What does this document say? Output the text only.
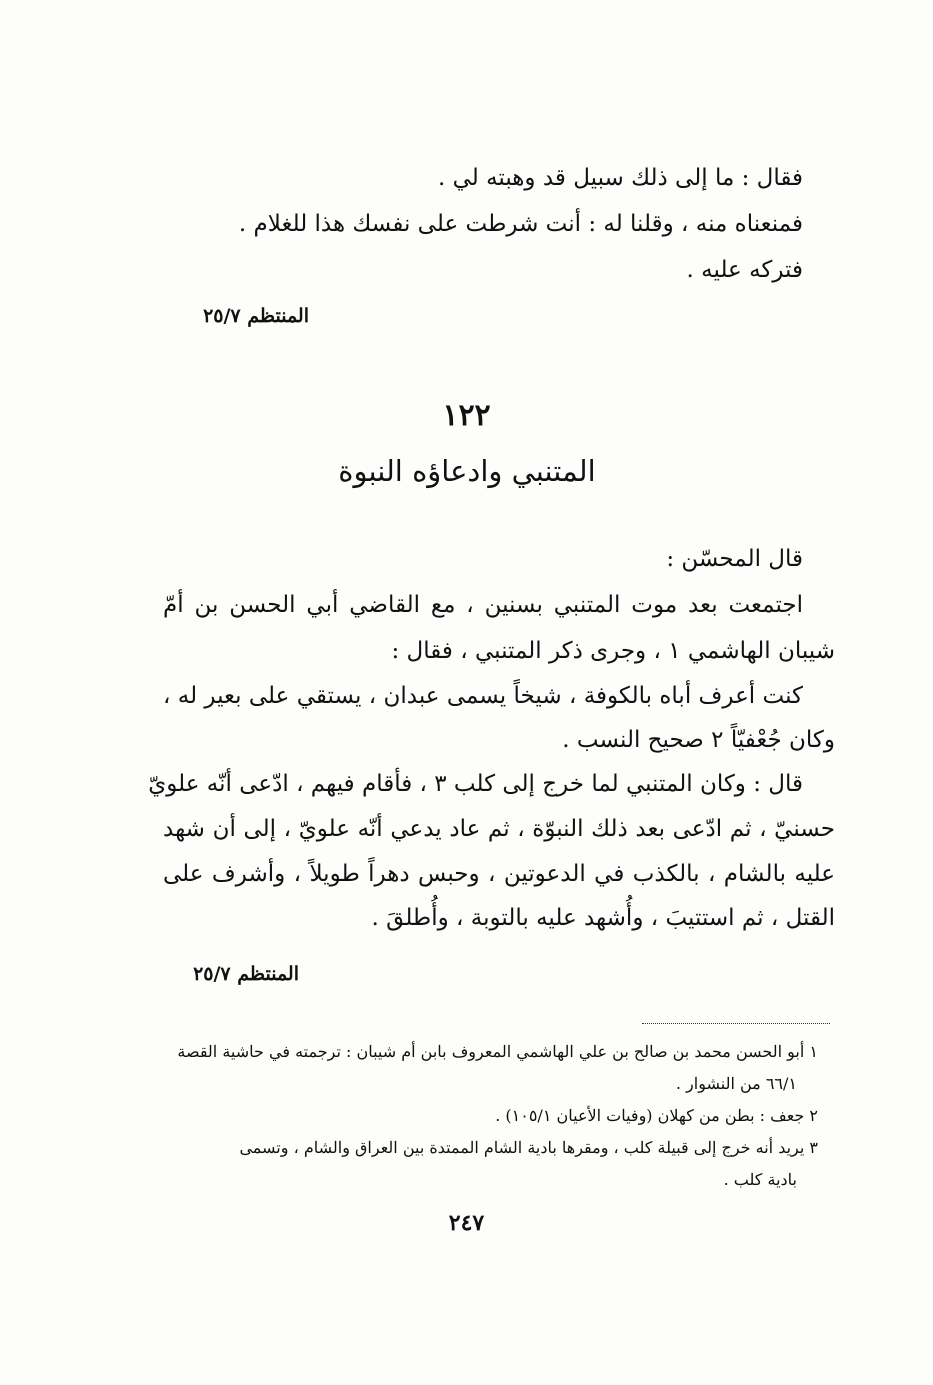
فقال : ما إلى ذلك سبيل قد وهبته لي .
فمنعناه منه ، وقلنا له : أنت شرطت على نفسك هذا للغلام .
فتركه عليه .
المنتظم ٢٥/٧
١٢٢
المتنبي وادعاؤه النبوة
قال المحسّن :
اجتمعت بعد موت المتنبي بسنين ، مع القاضي أبي الحسن بن أمّ
شيبان الهاشمي ١ ، وجرى ذكر المتنبي ، فقال :
كنت أعرف أباه بالكوفة ، شيخاً يسمى عبدان ، يستقي على بعير له ،
وكان جُعْفيّاً ٢ صحيح النسب .
قال : وكان المتنبي لما خرج إلى كلب ٣ ، فأقام فيهم ، ادّعى أنّه علويّ
حسنيّ ، ثم ادّعى بعد ذلك النبوّة ، ثم عاد يدعي أنّه علويّ ، إلى أن شهد
عليه بالشام ، بالكذب في الدعوتين ، وحبس دهراً طويلاً ، وأشرف على
القتل ، ثم استتيبَ ، وأُشهد عليه بالتوبة ، وأُطلقَ .
المنتظم ٢٥/٧
١ أبو الحسن محمد بن صالح بن علي الهاشمي المعروف بابن أم شيبان : ترجمته في حاشية القصة
٦٦/١ من النشوار .
٢ جعف : بطن من كهلان (وفيات الأعيان ١٠٥/١) .
٣ يريد أنه خرج إلى قبيلة كلب ، ومقرها بادية الشام الممتدة بين العراق والشام ، وتسمى
بادية كلب .
٢٤٧
